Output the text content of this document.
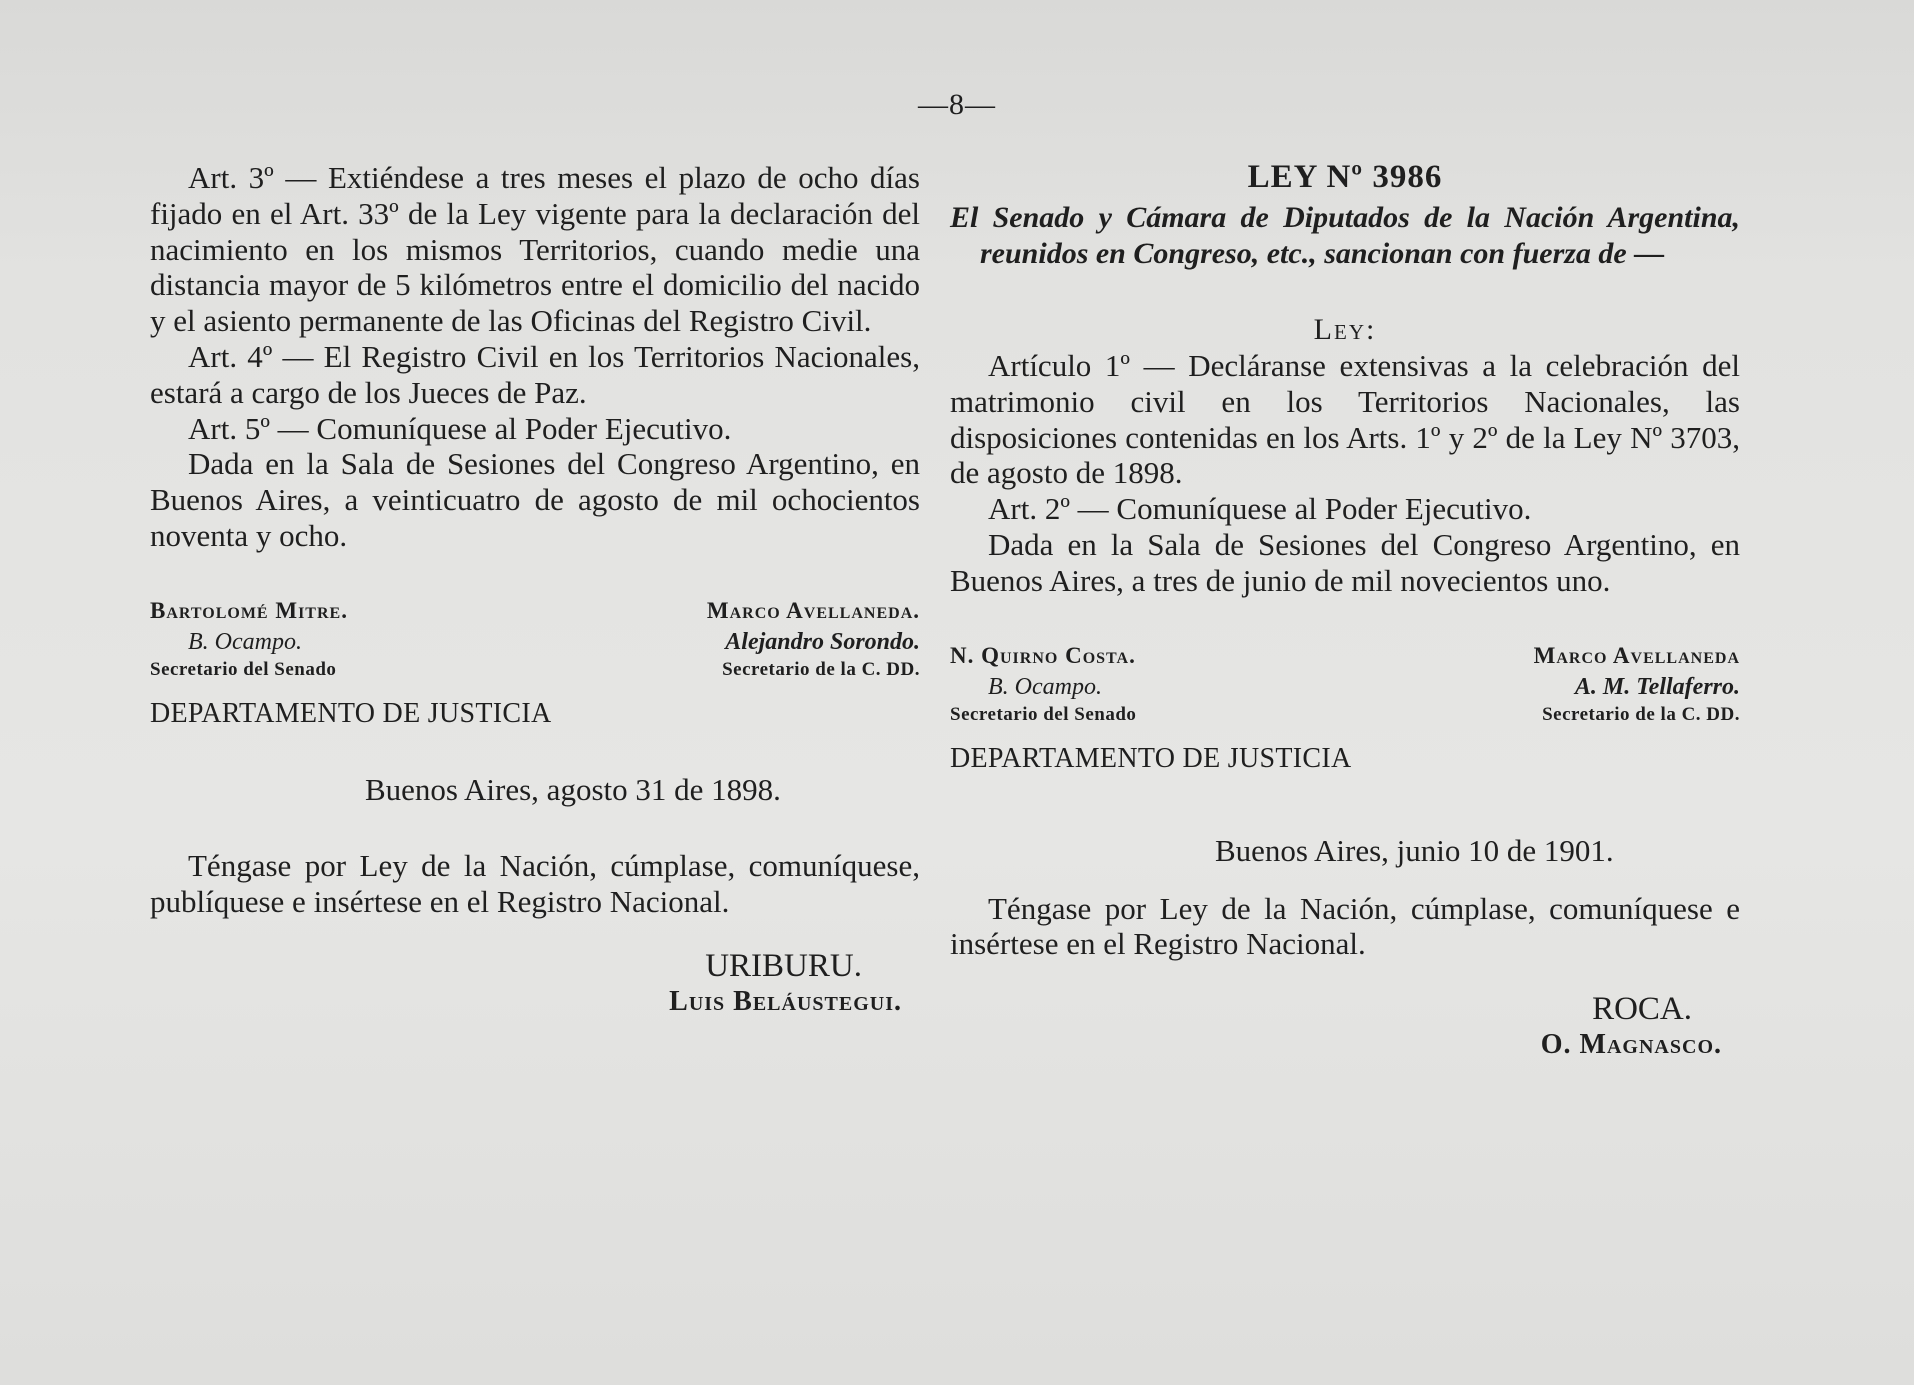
—8—

Art. 3º — Extiéndese a tres meses el plazo de ocho días fijado en el Art. 33º de la Ley vigente para la declaración del nacimiento en los mismos Territorios, cuando medie una distancia mayor de 5 kilómetros entre el domicilio del nacido y el asiento permanente de las Oficinas del Registro Civil.

Art. 4º — El Registro Civil en los Territorios Nacionales, estará a cargo de los Jueces de Paz.

Art. 5º — Comuníquese al Poder Ejecutivo.

Dada en la Sala de Sesiones del Congreso Argentino, en Buenos Aires, a veinticuatro de agosto de mil ochocientos noventa y ocho.

Bartolomé Mitre.
B. Ocampo.
Secretario del Senado
Marco Avellaneda.
Alejandro Sorondo.
Secretario de la C. DD.
DEPARTAMENTO DE JUSTICIA
Buenos Aires, agosto 31 de 1898.

Téngase por Ley de la Nación, cúmplase, comuníquese, publíquese e insértese en el Registro Nacional.

URIBURU.
Luis Beláustegui.
LEY Nº 3986

El Senado y Cámara de Diputados de la Nación Argentina, reunidos en Congreso, etc., sancionan con fuerza de —

Ley:

Artículo 1º — Decláranse extensivas a la celebración del matrimonio civil en los Territorios Nacionales, las disposiciones contenidas en los Arts. 1º y 2º de la Ley Nº 3703, de agosto de 1898.

Art. 2º — Comuníquese al Poder Ejecutivo.

Dada en la Sala de Sesiones del Congreso Argentino, en Buenos Aires, a tres de junio de mil novecientos uno.

N. Quirno Costa.
B. Ocampo.
Secretario del Senado
Marco Avellaneda
A. M. Tellaferro.
Secretario de la C. DD.
DEPARTAMENTO DE JUSTICIA
Buenos Aires, junio 10 de 1901.

Téngase por Ley de la Nación, cúmplase, comuníquese e insértese en el Registro Nacional.

ROCA.
O. Magnasco.
